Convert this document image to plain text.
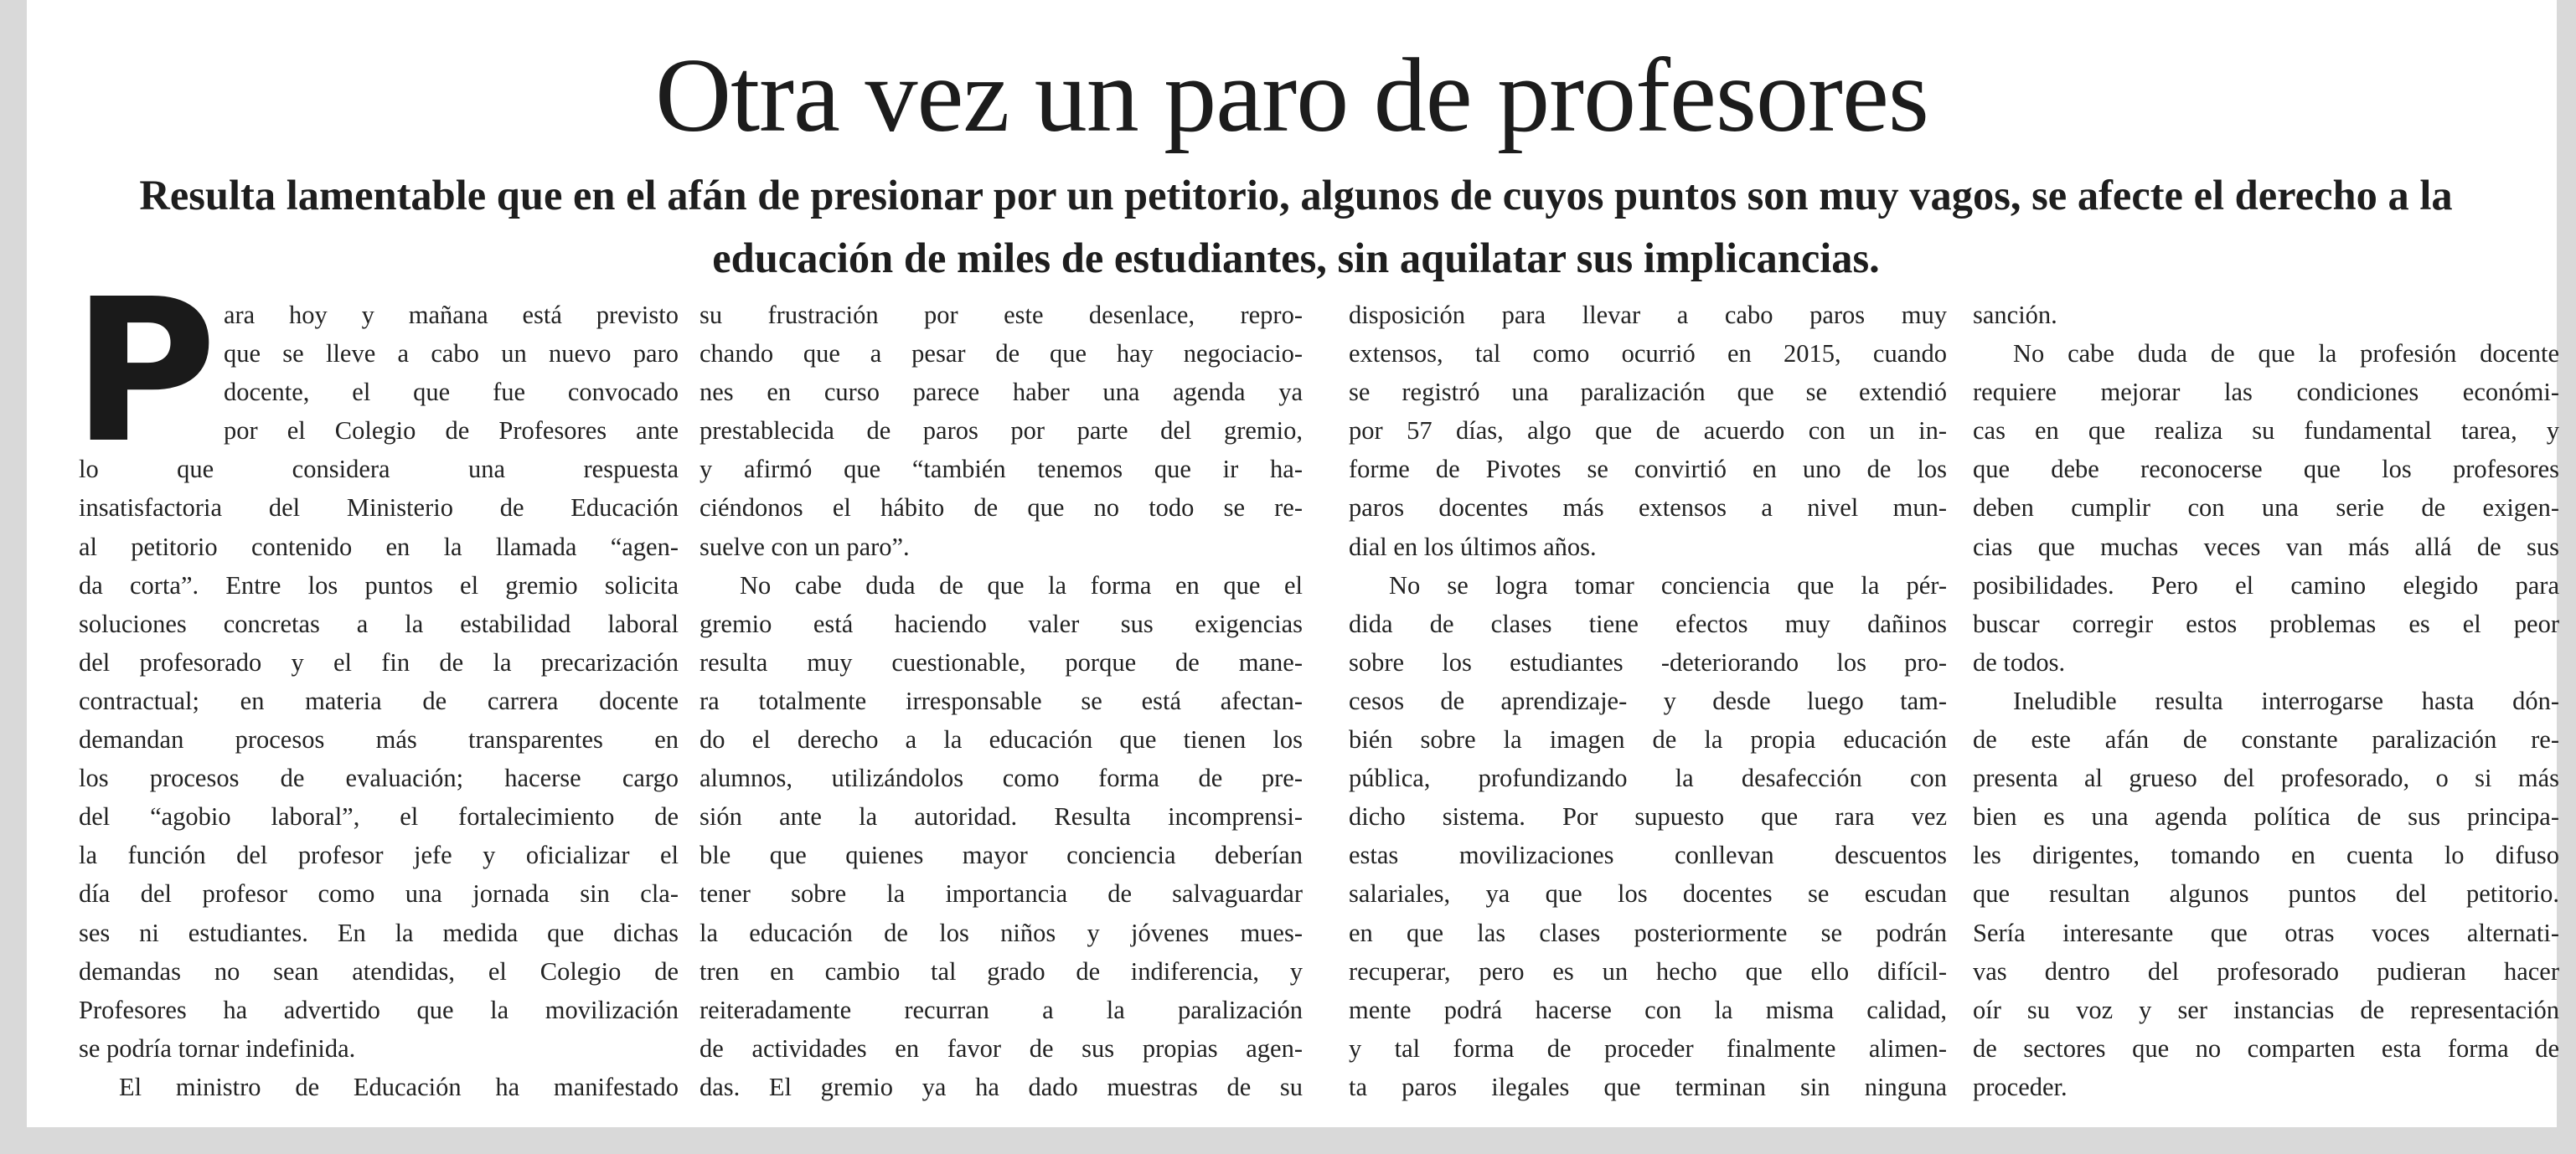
Otra vez un paro de profesores
Resulta lamentable que en el afán de presionar por un petitorio, algunos de cuyos puntos son muy vagos, se afecte el derecho a la educación de miles de estudiantes, sin aquilatar sus implicancias.
P ara hoy y mañana está previsto
que se lleve a cabo un nuevo paro
docente, el que fue convocado
por el Colegio de Profesores ante
lo que considera una respuesta
insatisfactoria del Ministerio de Educación
al petitorio contenido en la llamada “agen-
da corta”. Entre los puntos el gremio solicita
soluciones concretas a la estabilidad laboral
del profesorado y el fin de la precarización
contractual; en materia de carrera docente
demandan procesos más transparentes en
los procesos de evaluación; hacerse cargo
del “agobio laboral”, el fortalecimiento de
la función del profesor jefe y oficializar el
día del profesor como una jornada sin cla-
ses ni estudiantes. En la medida que dichas
demandas no sean atendidas, el Colegio de
Profesores ha advertido que la movilización
se podría tornar indefinida.
El ministro de Educación ha manifestado
su frustración por este desenlace, repro-
chando que a pesar de que hay negociacio-
nes en curso parece haber una agenda ya
prestablecida de paros por parte del gremio,
y afirmó que “también tenemos que ir ha-
ciéndonos el hábito de que no todo se re-
suelve con un paro”.
No cabe duda de que la forma en que el
gremio está haciendo valer sus exigencias
resulta muy cuestionable, porque de mane-
ra totalmente irresponsable se está afectan-
do el derecho a la educación que tienen los
alumnos, utilizándolos como forma de pre-
sión ante la autoridad. Resulta incomprensi-
ble que quienes mayor conciencia deberían
tener sobre la importancia de salvaguardar
la educación de los niños y jóvenes mues-
tren en cambio tal grado de indiferencia, y
reiteradamente recurran a la paralización
de actividades en favor de sus propias agen-
das. El gremio ya ha dado muestras de su
disposición para llevar a cabo paros muy
extensos, tal como ocurrió en 2015, cuando
se registró una paralización que se extendió
por 57 días, algo que de acuerdo con un in-
forme de Pivotes se convirtió en uno de los
paros docentes más extensos a nivel mun-
dial en los últimos años.
No se logra tomar conciencia que la pér-
dida de clases tiene efectos muy dañinos
sobre los estudiantes -deteriorando los pro-
cesos de aprendizaje- y desde luego tam-
bién sobre la imagen de la propia educación
pública, profundizando la desafección con
dicho sistema. Por supuesto que rara vez
estas movilizaciones conllevan descuentos
salariales, ya que los docentes se escudan
en que las clases posteriormente se podrán
recuperar, pero es un hecho que ello difícil-
mente podrá hacerse con la misma calidad,
y tal forma de proceder finalmente alimen-
ta paros ilegales que terminan sin ninguna
sanción.
No cabe duda de que la profesión docente
requiere mejorar las condiciones económi-
cas en que realiza su fundamental tarea, y
que debe reconocerse que los profesores
deben cumplir con una serie de exigen-
cias que muchas veces van más allá de sus
posibilidades. Pero el camino elegido para
buscar corregir estos problemas es el peor
de todos.
Ineludible resulta interrogarse hasta dón-
de este afán de constante paralización re-
presenta al grueso del profesorado, o si más
bien es una agenda política de sus principa-
les dirigentes, tomando en cuenta lo difuso
que resultan algunos puntos del petitorio.
Sería interesante que otras voces alternati-
vas dentro del profesorado pudieran hacer
oír su voz y ser instancias de representación
de sectores que no comparten esta forma de
proceder.
